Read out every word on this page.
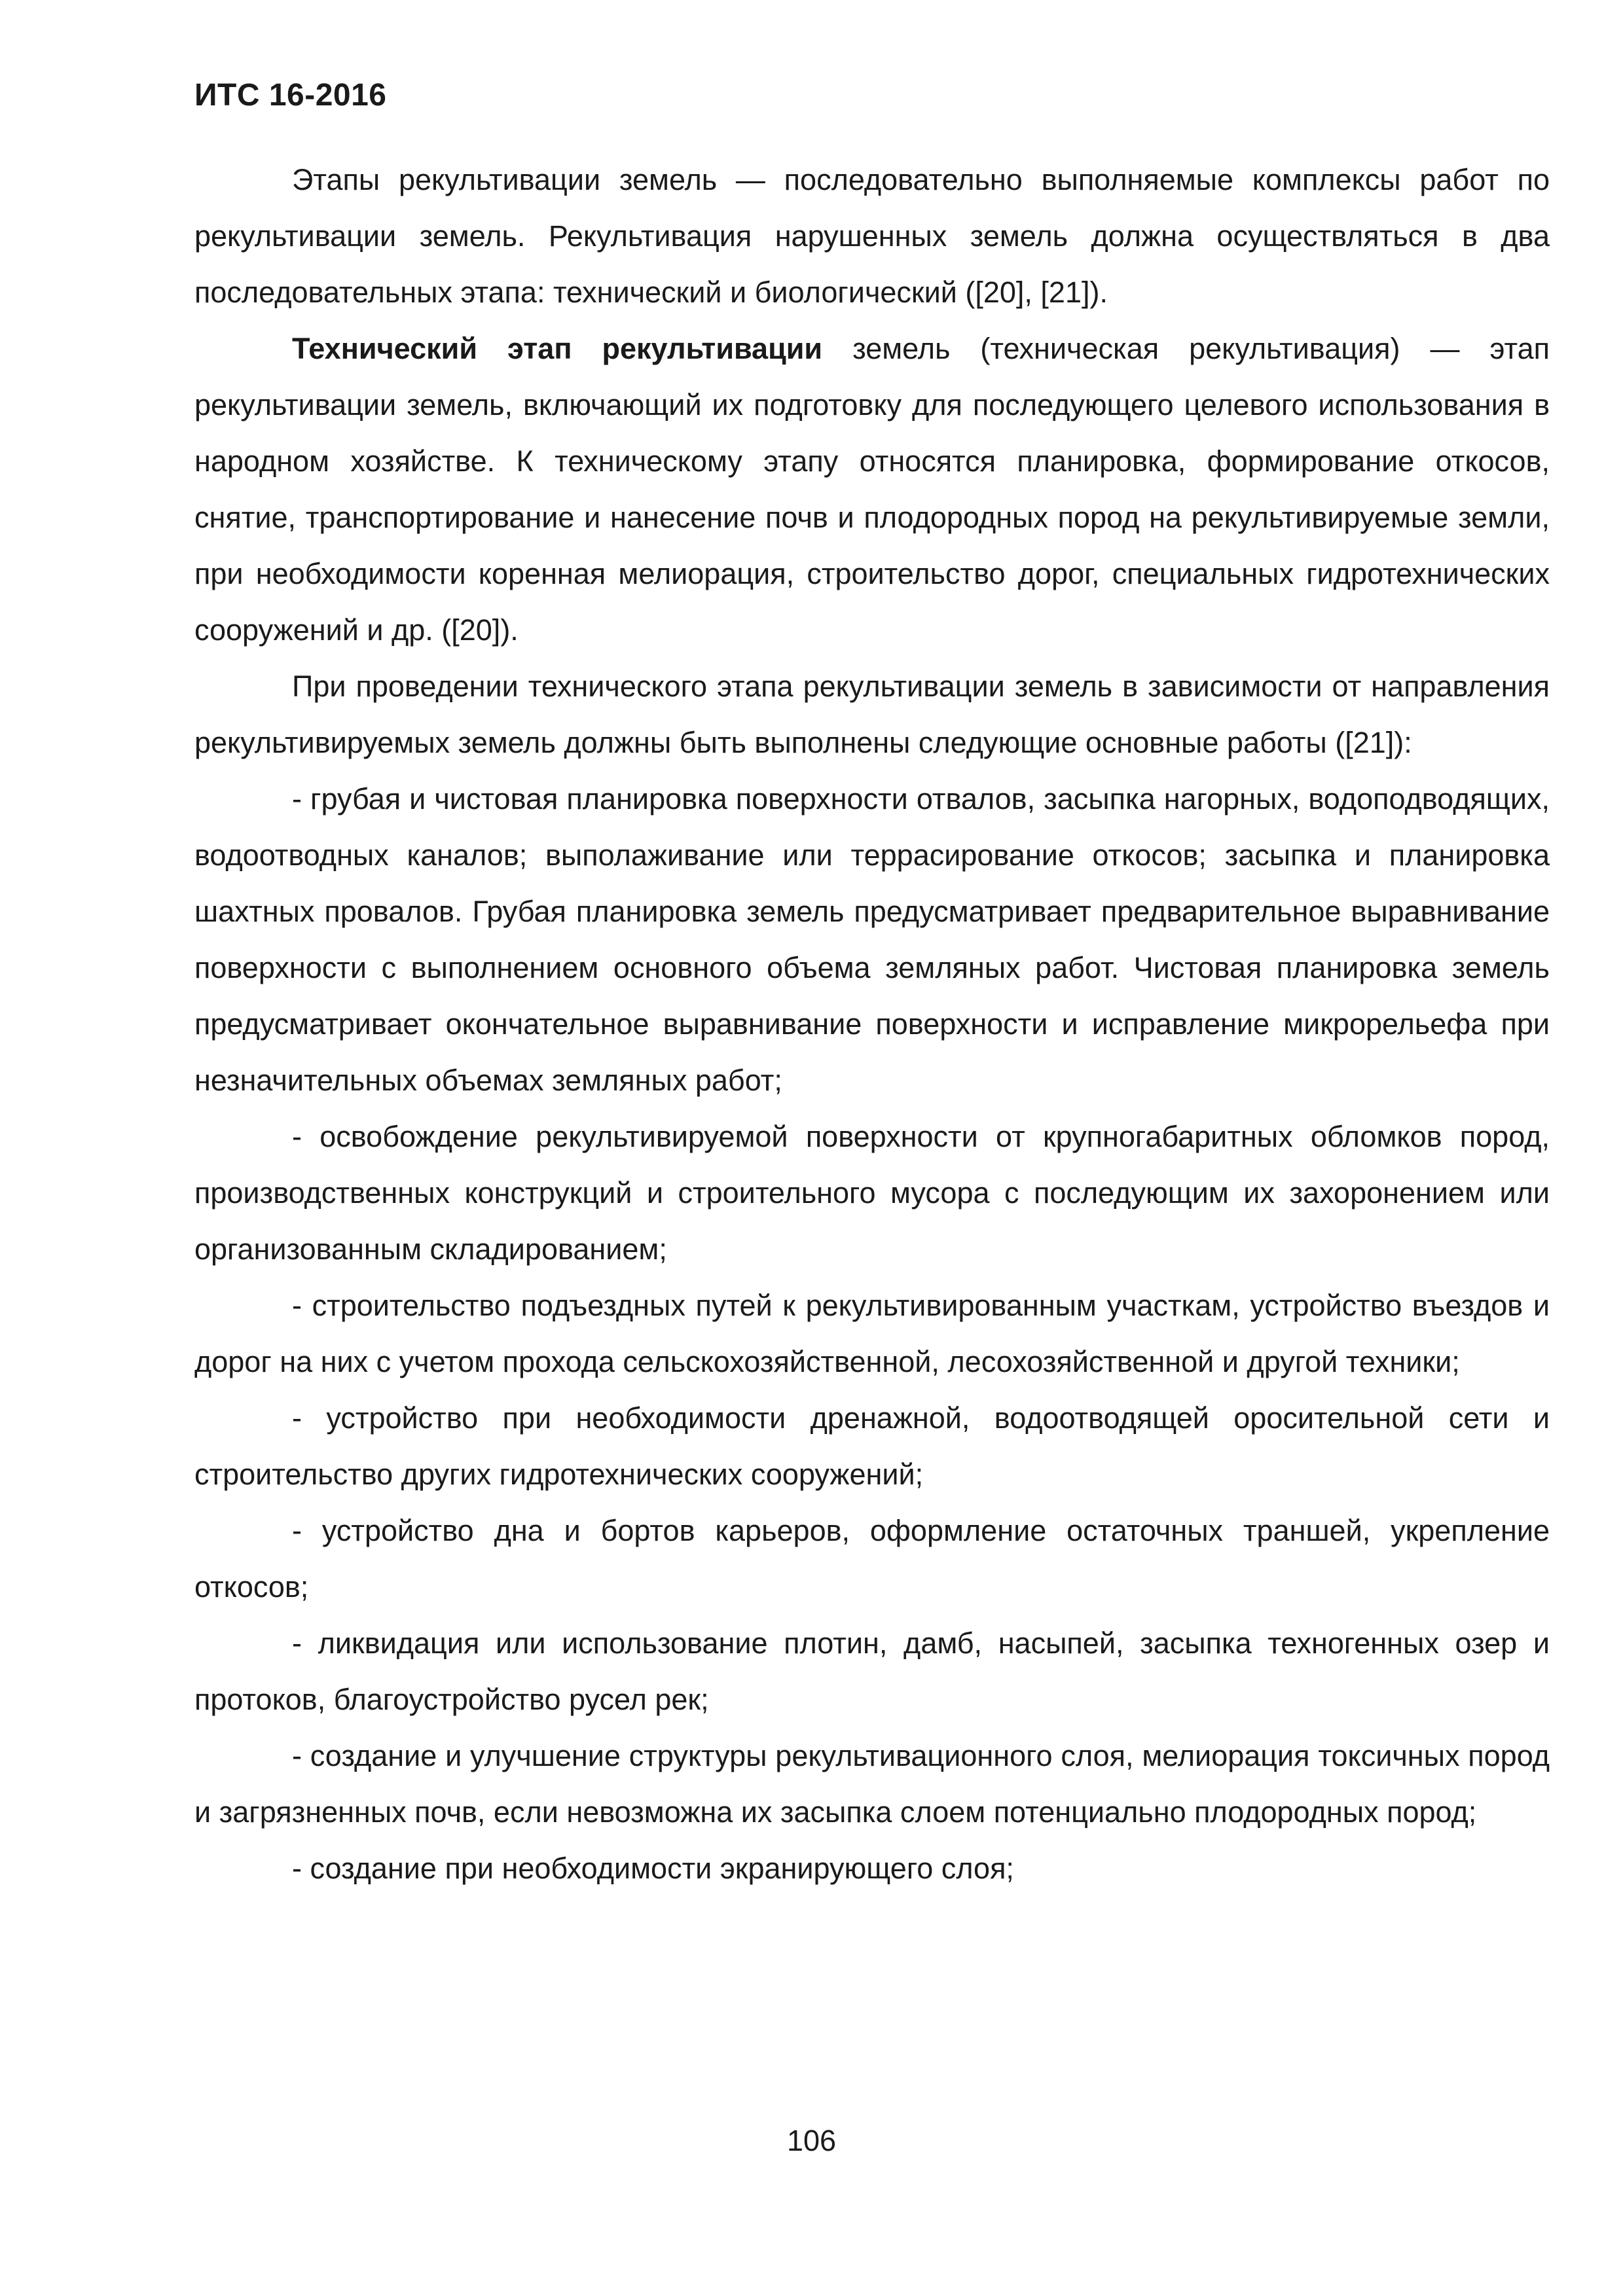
ИТС 16-2016

Этапы рекультивации земель — последовательно выполняемые комплексы работ по рекультивации земель. Рекультивация нарушенных земель должна осуществляться в два последовательных этапа: технический и биологический ([20], [21]).

Технический этап рекультивации земель (техническая рекультивация) — этап рекультивации земель, включающий их подготовку для последующего целевого использования в народном хозяйстве. К техническому этапу относятся планировка, формирование откосов, снятие, транспортирование и нанесение почв и плодородных пород на рекультивируемые земли, при необходимости коренная мелиорация, строительство дорог, специальных гидротехнических сооружений и др. ([20]).

При проведении технического этапа рекультивации земель в зависимости от направления рекультивируемых земель должны быть выполнены следующие основные работы ([21]):

- грубая и чистовая планировка поверхности отвалов, засыпка нагорных, водоподводящих, водоотводных каналов; выполаживание или террасирование откосов; засыпка и планировка шахтных провалов. Грубая планировка земель предусматривает предварительное выравнивание поверхности с выполнением основного объема земляных работ. Чистовая планировка земель предусматривает окончательное выравнивание поверхности и исправление микрорельефа при незначительных объемах земляных работ;

- освобождение рекультивируемой поверхности от крупногабаритных обломков пород, производственных конструкций и строительного мусора с последующим их захоронением или организованным складированием;

- строительство подъездных путей к рекультивированным участкам, устройство въездов и дорог на них с учетом прохода сельскохозяйственной, лесохозяйственной и другой техники;

- устройство при необходимости дренажной, водоотводящей оросительной сети и строительство других гидротехнических сооружений;

- устройство дна и бортов карьеров, оформление остаточных траншей, укрепление откосов;

- ликвидация или использование плотин, дамб, насыпей, засыпка техногенных озер и протоков, благоустройство русел рек;

- создание и улучшение структуры рекультивационного слоя, мелиорация токсичных пород и загрязненных почв, если невозможна их засыпка слоем потенциально плодородных пород;

- создание при необходимости экранирующего слоя;

106
